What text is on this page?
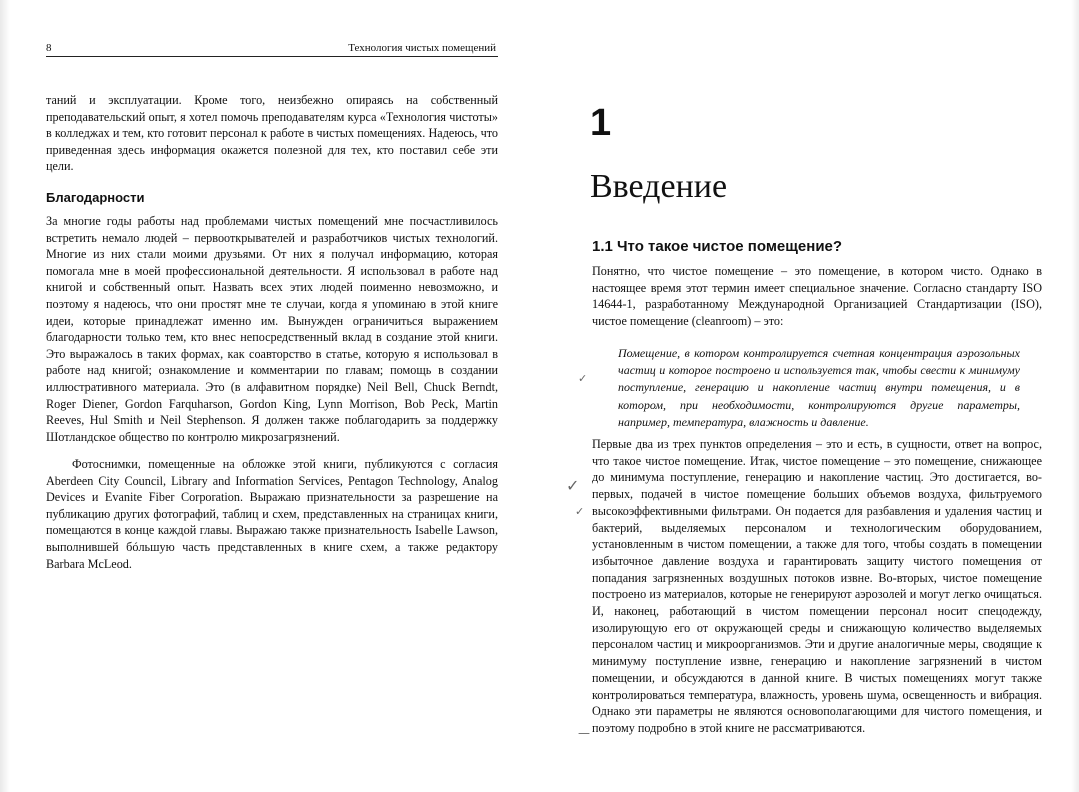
8	Технология чистых помещений

таний и эксплуатации. Кроме того, неизбежно опираясь на собственный преподавательский опыт, я хотел помочь преподавателям курса «Технология чистоты» в колледжах и тем, кто готовит персонал к работе в чистых помещениях. Надеюсь, что приведенная здесь информация окажется полезной для тех, кто поставил себе эти цели.

Благодарности

За многие годы работы над проблемами чистых помещений мне посчастливилось встретить немало людей – первооткрывателей и разработчиков чистых технологий. Многие из них стали моими друзьями. От них я получал информацию, которая помогала мне в моей профессиональной деятельности. Я использовал в работе над книгой и собственный опыт. Назвать всех этих людей поименно невозможно, и поэтому я надеюсь, что они простят мне те случаи, когда я упоминаю в этой книге идеи, которые принадлежат именно им. Вынужден ограничиться выражением благодарности только тем, кто внес непосредственный вклад в создание этой книги. Это выражалось в таких формах, как соавторство в статье, которую я использовал в работе над книгой; ознакомление и комментарии по главам; помощь в создании иллюстративного материала. Это (в алфавитном порядке) Neil Bell, Chuck Berndt, Roger Diener, Gordon Farquharson, Gordon King, Lynn Morrison, Bob Peck, Martin Reeves, Hul Smith и Neil Stephenson. Я должен также поблагодарить за поддержку Шотландское общество по контролю микрозагрязнений.

Фотоснимки, помещенные на обложке этой книги, публикуются с согласия Aberdeen City Council, Library and Information Services, Pentagon Technology, Analog Devices и Evanite Fiber Corporation. Выражаю признательности за разрешение на публикацию других фотографий, таблиц и схем, представленных на страницах книги, помещаются в конце каждой главы. Выражаю также признательность Isabelle Lawson, выполнившей бóльшую часть представленных в книге схем, а также редактору Barbara McLeod.

1
Введение
1.1 Что такое чистое помещение?

Понятно, что чистое помещение – это помещение, в котором чисто. Однако в настоящее время этот термин имеет специальное значение. Согласно стандарту ISO 14644-1, разработанному Международной Организацией Стандартизации (ISO), чистое помещение (cleanroom) – это:

Помещение, в котором контролируется счетная концентрация аэрозольных частиц и которое построено и используется так, чтобы свести к минимуму поступление, генерацию и накопление частиц внутри помещения, и в котором, при необходимости, контролируются другие параметры, например, температура, влажность и давление.

Первые два из трех пунктов определения – это и есть, в сущности, ответ на вопрос, что такое чистое помещение. Итак, чистое помещение – это помещение, снижающее до минимума поступление, генерацию и накопление частиц. Это достигается, во-первых, подачей в чистое помещение больших объемов воздуха, фильтруемого высокоэффективными фильтрами. Он подается для разбавления и удаления частиц и бактерий, выделяемых персоналом и технологическим оборудованием, установленным в чистом помещении, а также для того, чтобы создать в помещении избыточное давление воздуха и гарантировать защиту чистого помещения от попадания загрязненных воздушных потоков извне. Во-вторых, чистое помещение построено из материалов, которые не генерируют аэрозолей и могут легко очищаться. И, наконец, работающий в чистом помещении персонал носит спецодежду, изолирующую его от окружающей среды и снижающую количество выделяемых персоналом частиц и микроорганизмов. Эти и другие аналогичные меры, сводящие к минимуму поступление извне, генерацию и накопление загрязнений в чистом помещении, и обсуждаются в данной книге. В чистых помещениях могут также контролироваться температура, влажность, уровень шума, освещенность и вибрация. Однако эти параметры не являются основополагающими для чистого помещения, и поэтому подробно в этой книге не рассматриваются.

✓
✓
✓
—
